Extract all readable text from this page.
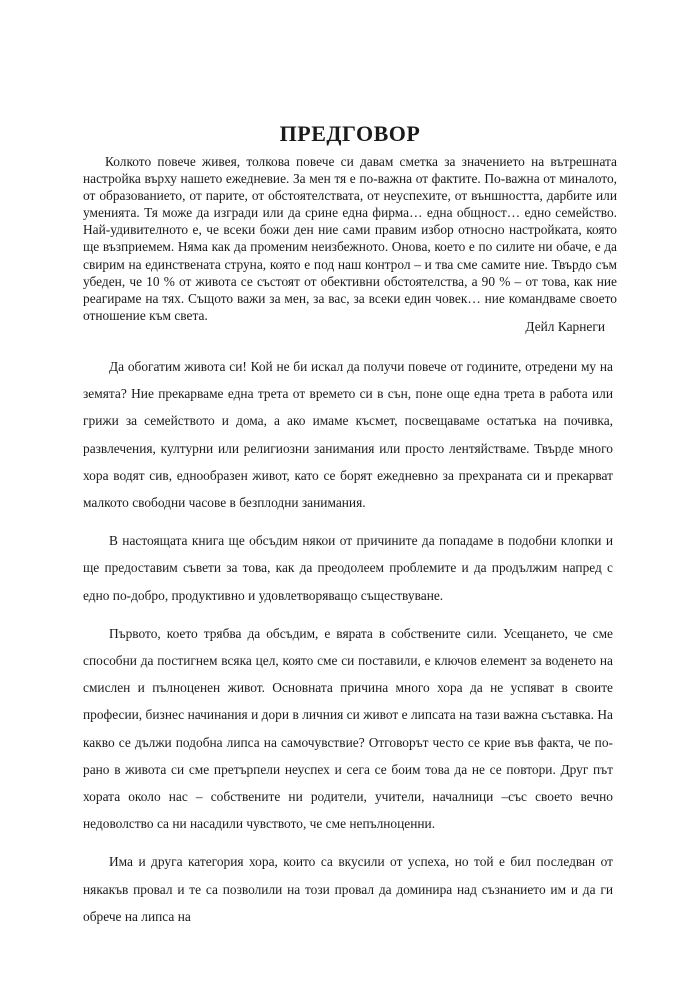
ПРЕДГОВОР

Колкото повече живея, толкова повече си давам сметка за значението на вътрешната настройка върху нашето ежедневие. За мен тя е по-важна от фактите. По-важна от миналото, от образованието, от парите, от обстоятелствата, от неуспехите, от външността, дарбите или уменията. Тя може да изгради или да срине една фирма… една общност… едно семейство. Най-удивителното е, че всеки божи ден ние сами правим избор относно настройката, която ще възприемем. Няма как да променим неизбежното. Онова, което е по силите ни обаче, е да свирим на единствената струна, която е под наш контрол – и тва сме самите ние. Твърдо съм убеден, че 10 % от живота се състоят от обективни обстоятелства, а 90 % – от това, как ние реагираме на тях. Същото важи за мен, за вас, за всеки един човек… ние командваме своето отношение към света.

Дейл Карнеги

Да обогатим живота си! Кой не би искал да получи повече от годините, отредени му на земята? Ние прекарваме една трета от времето си в сън, поне още една трета в работа или грижи за семейството и дома, а ако имаме късмет, посвещаваме остатъка на почивка, развлечения, културни или религиозни занимания или просто лентяйстваме. Твърде много хора водят сив, еднообразен живот, като се борят ежедневно за прехраната си и прекарват малкото свободни часове в безплодни занимания.

В настоящата книга ще обсъдим някои от причините да попадаме в подобни клопки и ще предоставим съвети за това, как да преодолеем проблемите и да продължим напред с едно по-добро, продуктивно и удовлетворяващо съществуване.

Първото, което трябва да обсъдим, е вярата в собствените сили. Усещането, че сме способни да постигнем всяка цел, която сме си поставили, е ключов елемент за воденето на смислен и пълноценен живот. Основната причина много хора да не успяват в своите професии, бизнес начинания и дори в личния си живот е липсата на тази важна съставка. На какво се дължи подобна липса на самочувствие? Отговорът често се крие във факта, че по-рано в живота си сме претърпели неуспех и сега се боим това да не се повтори. Друг път хората около нас – собствените ни родители, учители, началници –със своето вечно недоволство са ни насадили чувството, че сме непълноценни.

Има и друга категория хора, които са вкусили от успеха, но той е бил последван от някакъв провал и те са позволили на този провал да доминира над съзнанието им и да ги обрече на липса на
